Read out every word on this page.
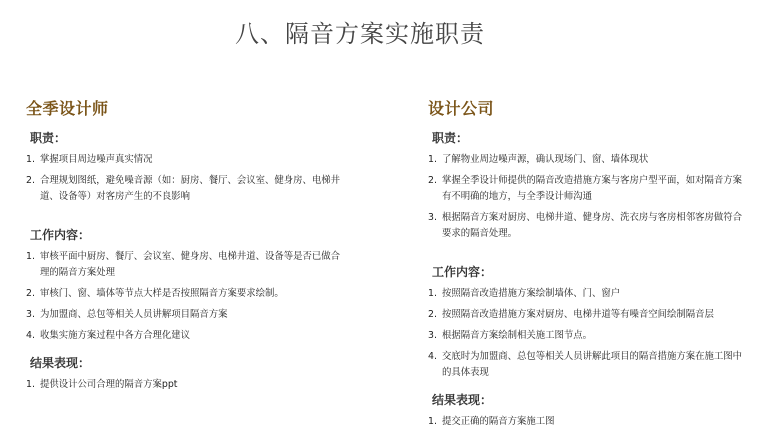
八、隔音方案实施职责
全季设计师
职责：
1. 掌握项目周边噪声真实情况
2. 合理规划图纸，避免噪音源（如：厨房、餐厅、会议室、健身房、电梯井道、设备等）对客房产生的不良影响
工作内容：
1. 审核平面中厨房、餐厅、会议室、健身房、电梯井道、设备等是否已做合理的隔音方案处理
2. 审核门、窗、墙体等节点大样是否按照隔音方案要求绘制。
3. 为加盟商、总包等相关人员讲解项目隔音方案
4. 收集实施方案过程中各方合理化建议
结果表现：
1. 提供设计公司合理的隔音方案ppt
设计公司
职责：
1. 了解物业周边噪声源，确认现场门、窗、墙体现状
2. 掌握全季设计师提供的隔音改造措施方案与客房户型平面，如对隔音方案有不明确的地方，与全季设计师沟通
3. 根据隔音方案对厨房、电梯井道、健身房、洗衣房与客房相邻客房做符合要求的隔音处理。
工作内容：
1. 按照隔音改造措施方案绘制墙体、门、窗户
2. 按照隔音改造措施方案对厨房、电梯井道等有噪音空间绘制隔音层
3. 根据隔音方案绘制相关施工图节点。
4. 交底时为加盟商、总包等相关人员讲解此项目的隔音措施方案在施工图中的具体表现
结果表现：
1. 提交正确的隔音方案施工图
